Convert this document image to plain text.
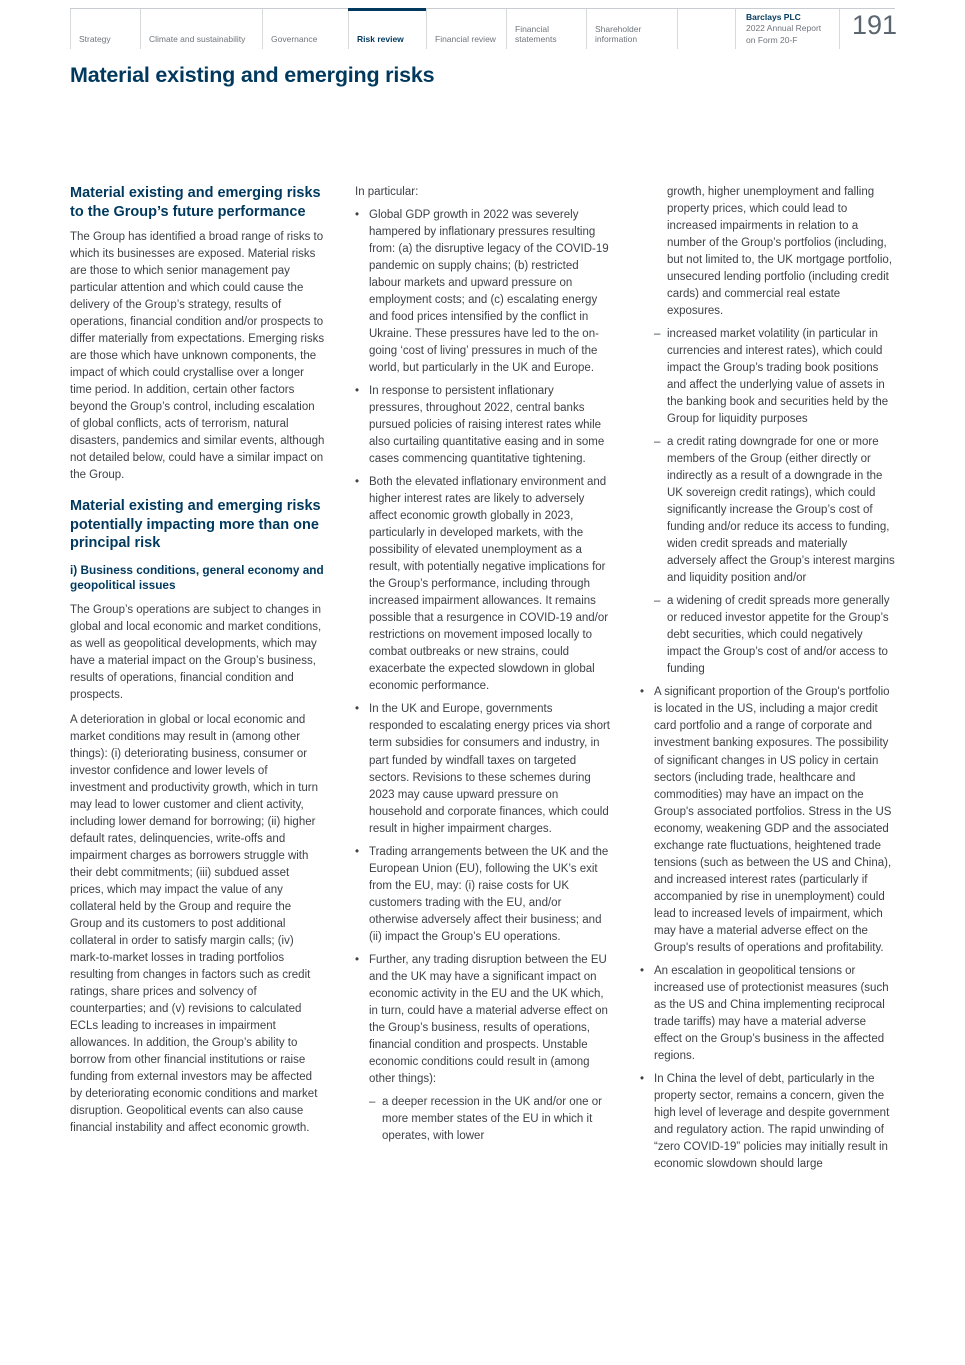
Strategy	Climate and sustainability	Governance	Risk review	Financial review
Financial statements
Shareholder information
Barclays PLC
2022 Annual Report
on Form 20-F	191
Material existing and emerging risks
Material existing and emerging risks to the Group’s future performance
The Group has identified a broad range of risks to which its businesses are exposed. Material risks are those to which senior management pay particular attention and which could cause the delivery of the Group’s strategy, results of operations, financial condition and/or prospects to differ materially from expectations. Emerging risks are those which have unknown components, the impact of which could crystallise over a longer time period. In addition, certain other factors beyond the Group’s control, including escalation of global conflicts, acts of terrorism, natural disasters, pandemics and similar events, although not detailed below, could have a similar impact on the Group.
Material existing and emerging risks potentially impacting more than one principal risk
i) Business conditions, general economy and geopolitical issues
The Group’s operations are subject to changes in global and local economic and market conditions, as well as geopolitical developments, which may have a material impact on the Group’s business, results of operations, financial condition and prospects.
A deterioration in global or local economic and market conditions may result in (among other things): (i) deteriorating business, consumer or investor confidence and lower levels of investment and productivity growth, which in turn may lead to lower customer and client activity, including lower demand for borrowing; (ii) higher default rates, delinquencies, write-offs and impairment charges as borrowers struggle with their debt commitments; (iii) subdued asset prices, which may impact the value of any collateral held by the Group and require the Group and its customers to post additional collateral in order to satisfy margin calls; (iv) mark-to-market losses in trading portfolios resulting from changes in factors such as credit ratings, share prices and solvency of counterparties; and (v) revisions to calculated ECLs leading to increases in impairment allowances. In addition, the Group’s ability to borrow from other financial institutions or raise funding from external investors may be affected by deteriorating economic conditions and market disruption. Geopolitical events can also cause financial instability and affect economic growth.
In particular:
• Global GDP growth in 2022 was severely hampered by inflationary pressures resulting from: (a) the disruptive legacy of the COVID-19 pandemic on supply chains; (b) restricted labour markets and upward pressure on employment costs; and (c) escalating energy and food prices intensified by the conflict in Ukraine. These pressures have led to the on-going ‘cost of living’ pressures in much of the world, but particularly in the UK and Europe.
• In response to persistent inflationary pressures, throughout 2022, central banks pursued policies of raising interest rates while also curtailing quantitative easing and in some cases commencing quantitative tightening.
• Both the elevated inflationary environment and higher interest rates are likely to adversely affect economic growth globally in 2023, particularly in developed markets, with the possibility of elevated unemployment as a result, with potentially negative implications for the Group’s performance, including through increased impairment allowances. It remains possible that a resurgence in COVID-19 and/or restrictions on movement imposed locally to combat outbreaks or new strains, could exacerbate the expected slowdown in global economic performance.
• In the UK and Europe, governments responded to escalating energy prices via short term subsidies for consumers and industry, in part funded by windfall taxes on targeted sectors. Revisions to these schemes during 2023 may cause upward pressure on household and corporate finances, which could result in higher impairment charges.
• Trading arrangements between the UK and the European Union (EU), following the UK’s exit from the EU, may: (i) raise costs for UK customers trading with the EU, and/or otherwise adversely affect their business; and (ii) impact the Group’s EU operations.
• Further, any trading disruption between the EU and the UK may have a significant impact on economic activity in the EU and the UK which, in turn, could have a material adverse effect on the Group’s business, results of operations, financial condition and prospects. Unstable economic conditions could result in (among other things):
– a deeper recession in the UK and/or one or more member states of the EU in which it operates, with lower
growth, higher unemployment and falling property prices, which could lead to increased impairments in relation to a number of the Group’s portfolios (including, but not limited to, the UK mortgage portfolio, unsecured lending portfolio (including credit cards) and commercial real estate exposures.
– increased market volatility (in particular in currencies and interest rates), which could impact the Group’s trading book positions and affect the underlying value of assets in the banking book and securities held by the Group for liquidity purposes
– a credit rating downgrade for one or more members of the Group (either directly or indirectly as a result of a downgrade in the UK sovereign credit ratings), which could significantly increase the Group’s cost of funding and/or reduce its access to funding, widen credit spreads and materially adversely affect the Group’s interest margins and liquidity position and/or
– a widening of credit spreads more generally or reduced investor appetite for the Group’s debt securities, which could negatively impact the Group’s cost of and/or access to funding
• A significant proportion of the Group's portfolio is located in the US, including a major credit card portfolio and a range of corporate and investment banking exposures. The possibility of significant changes in US policy in certain sectors (including trade, healthcare and commodities) may have an impact on the Group's associated portfolios. Stress in the US economy, weakening GDP and the associated exchange rate fluctuations, heightened trade tensions (such as between the US and China), and increased interest rates (particularly if accompanied by rise in unemployment) could lead to increased levels of impairment, which may have a material adverse effect on the Group's results of operations and profitability.
• An escalation in geopolitical tensions or increased use of protectionist measures (such as the US and China implementing reciprocal trade tariffs) may have a material adverse effect on the Group’s business in the affected regions.
• In China the level of debt, particularly in the property sector, remains a concern, given the high level of leverage and despite government and regulatory action. The rapid unwinding of “zero COVID-19” policies may initially result in economic slowdown should large
